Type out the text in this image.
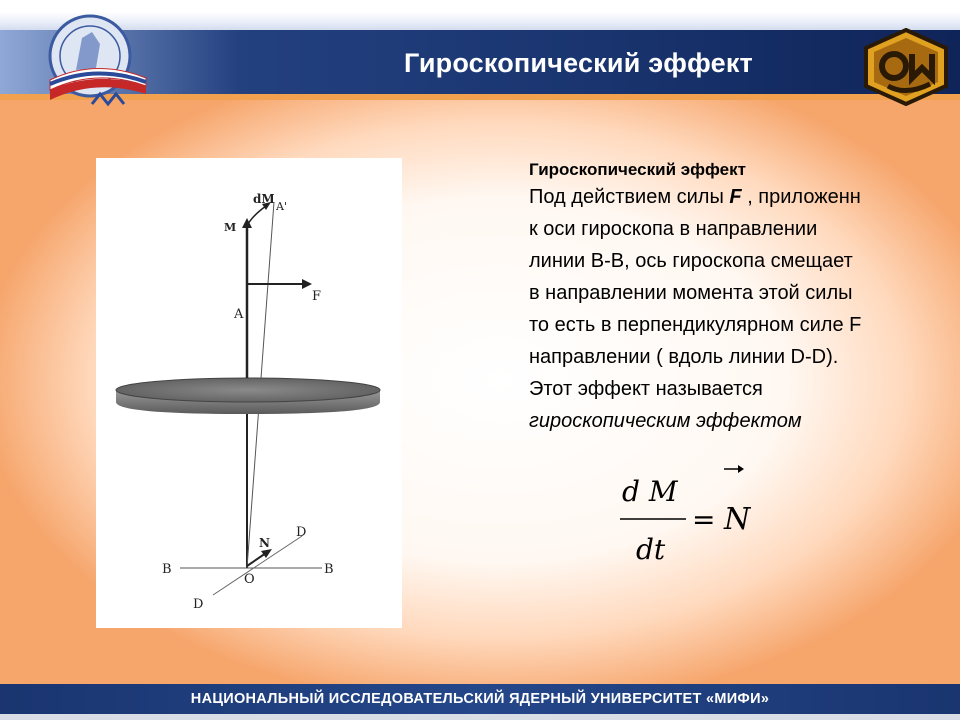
Гироскопический эффект
dM
A'
M
F
A
N
D
D
B	B
O
Гироскопический эффект
Под действием силы F , приложенн
к оси гироскопа в направлении
линии В-В, ось гироскопа смещает
в направлении момента этой силы
то есть в перпендикулярном силе F
направлении ( вдоль линии D-D).
Этот эффект называется
гироскопическим эффектом
d M
dt
= N
НАЦИОНАЛЬНЫЙ ИССЛЕДОВАТЕЛЬСКИЙ ЯДЕРНЫЙ УНИВЕРСИТЕТ «МИФИ»
